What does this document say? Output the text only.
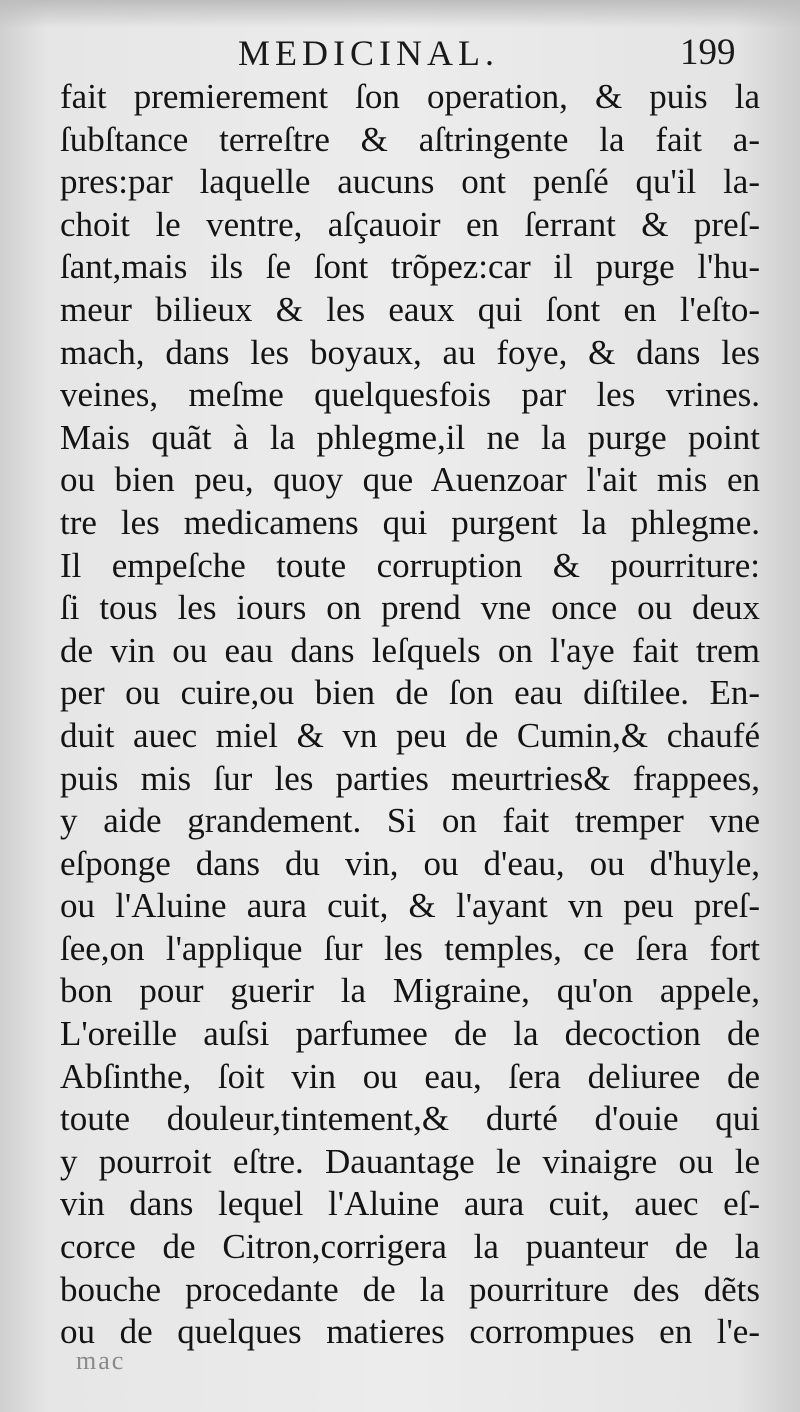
MEDICINAL.	199
fait premierement ſon operation, & puis la
ſubſtance terreſtre & aſtringente la fait a-
pres:par laquelle aucuns ont penſé qu'il la-
choit le ventre, aſçauoir en ſerrant & preſ-
ſant,mais ils ſe ſont trõpez:car il purge l'hu-
meur bilieux & les eaux qui ſont en l'eſto-
mach, dans les boyaux, au foye, & dans les
veines, meſme quelquesfois par les vrines.
Mais quãt à la phlegme,il ne la purge point
ou bien peu, quoy que Auenzoar l'ait mis en
tre les medicamens qui purgent la phlegme.
Il empeſche toute corruption & pourriture:
ſi tous les iours on prend vne once ou deux
de vin ou eau dans leſquels on l'aye fait trem
per ou cuire,ou bien de ſon eau diſtilee. En-
duit auec miel & vn peu de Cumin,& chaufé
puis mis ſur les parties meurtries& frappees,
y aide grandement. Si on fait tremper vne
eſponge dans du vin, ou d'eau, ou d'huyle,
ou l'Aluine aura cuit, & l'ayant vn peu preſ-
ſee,on l'applique ſur les temples, ce ſera fort
bon pour guerir la Migraine, qu'on appele,
L'oreille auſsi parfumee de la decoction de
Abſinthe, ſoit vin ou eau, ſera deliuree de
toute douleur,tintement,& durté d'ouie qui
y pourroit eſtre. Dauantage le vinaigre ou le
vin dans lequel l'Aluine aura cuit, auec eſ-
corce de Citron,corrigera la puanteur de la
bouche procedante de la pourriture des dẽts
ou de quelques matieres corrompues en l'e-
mac
